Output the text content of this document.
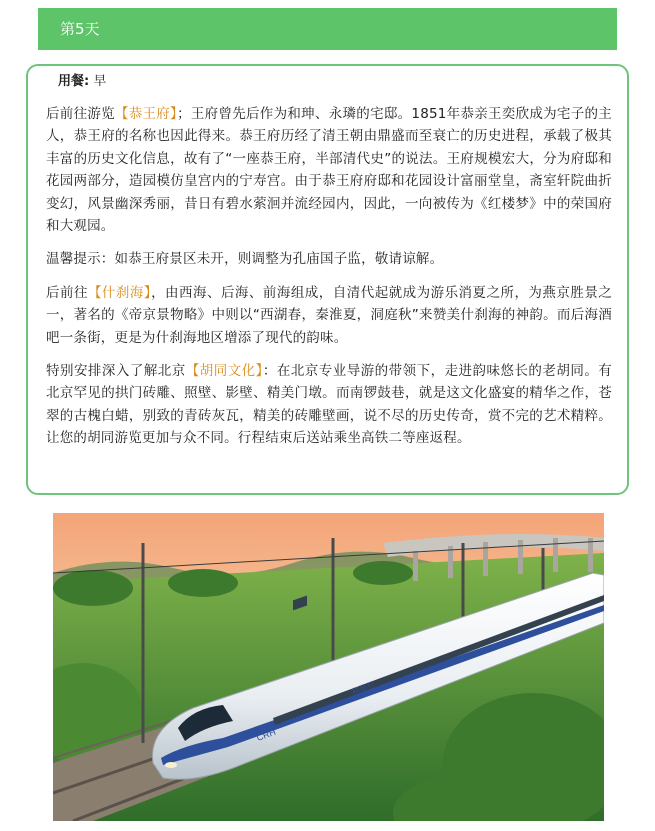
第5天
用餐: 早

后前往游览【恭王府】；王府曾先后作为和珅、永璘的宅邸。1851年恭亲王奕欣成为宅子的主人，恭王府的名称也因此得来。恭王府历经了清王朝由鼎盛而至衰亡的历史进程，承载了极其丰富的历史文化信息，故有了“一座恭王府，半部清代史”的说法。王府规模宏大，分为府邸和花园两部分，造园模仿皇宫内的宁寿宫。由于恭王府府邸和花园设计富丽堂皇，斋室轩院曲折变幻，风景幽深秀丽，昔日有碧水萦洄并流经园内，因此，一向被传为《红楼梦》中的荣国府和大观园。

温馨提示：如恭王府景区未开，则调整为孔庙国子监，敬请谅解。

后前往【什刹海】，由西海、后海、前海组成，自清代起就成为游乐消夏之所，为燕京胜景之一，著名的《帝京景物略》中则以“西湖春，秦淮夏，洞庭秋”来赞美什刹海的神韵。而后海酒吧一条街，更是为什刹海地区增添了现代的韵味。

特别安排深入了解北京【胡同文化】：在北京专业导游的带领下，走进韵味悠长的老胡同。有北京罕见的拱门砖雕、照壁、影壁、精美门墩。而南锣鼓巷，就是这文化盛宴的精华之作，苍翠的古槐白蜡，别致的青砖灰瓦，精美的砖雕壁画，说不尽的历史传奇，赏不完的艺术精粹。让您的胡同游览更加与众不同。行程结束后送站乘坐高铁二等座返程。

CRH
和谐号
